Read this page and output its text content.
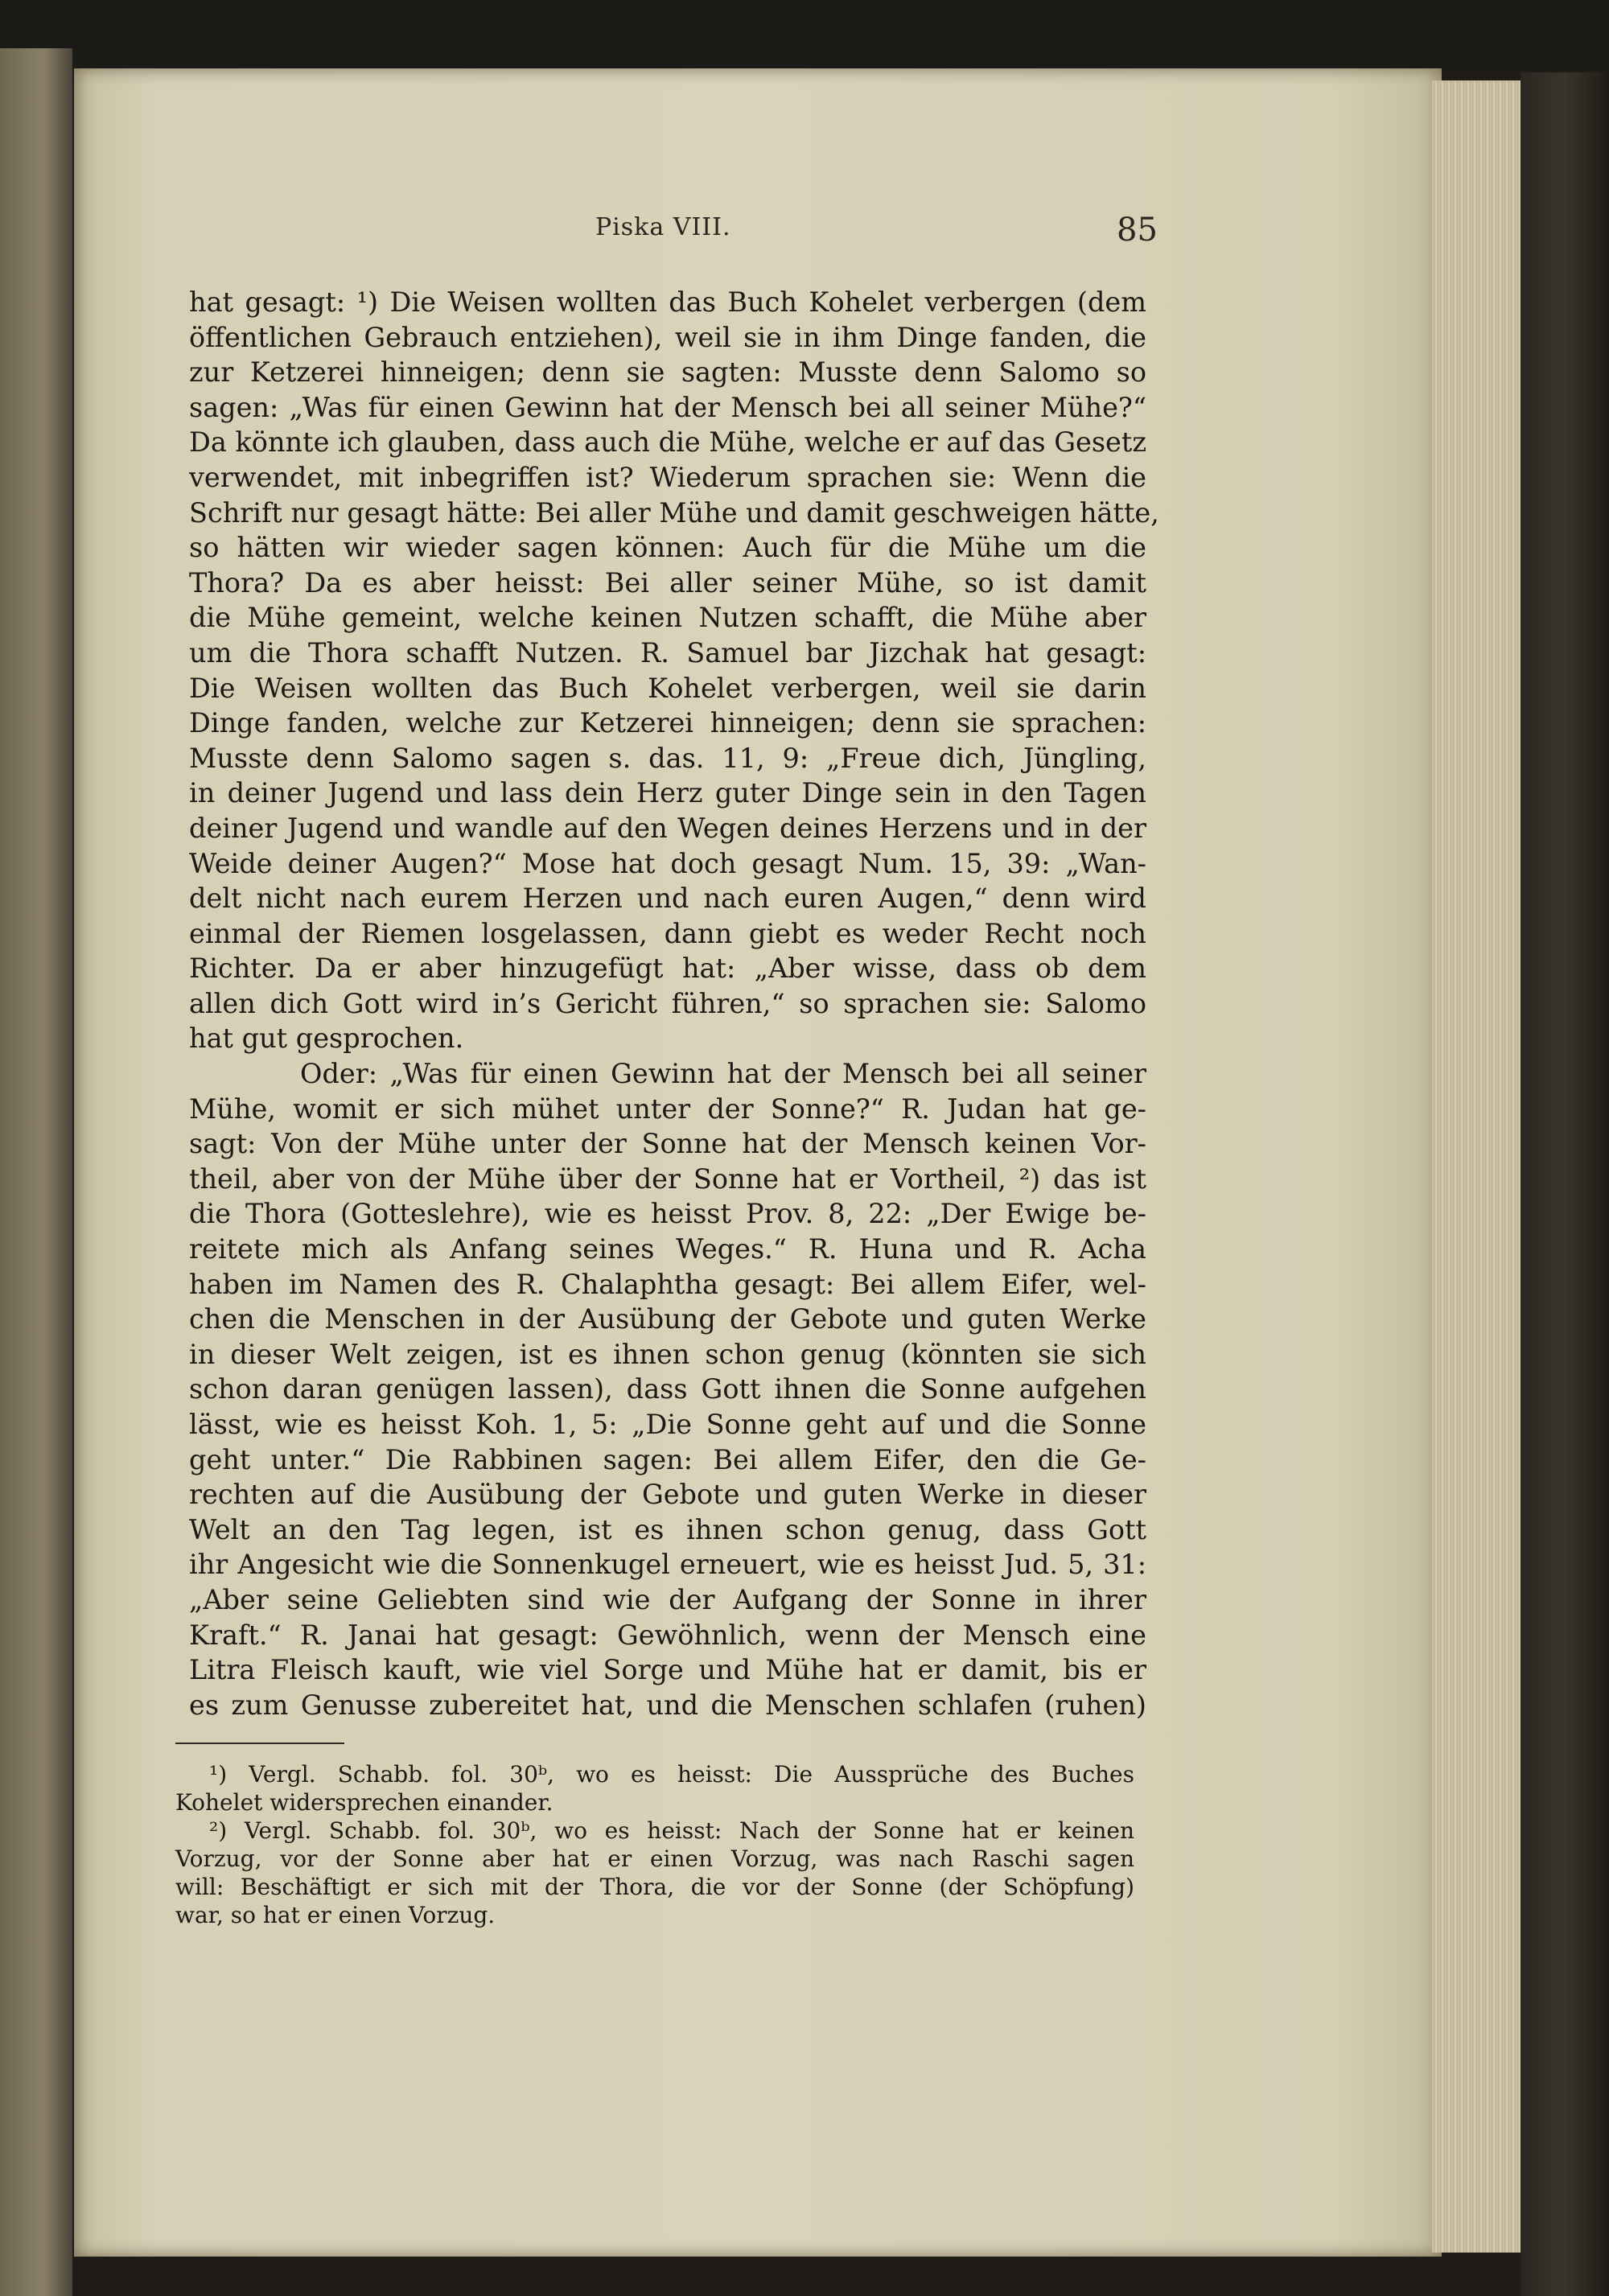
Piska VIII.	85
hat gesagt: ¹) Die Weisen wollten das Buch Kohelet verbergen (dem
öffentlichen Gebrauch entziehen), weil sie in ihm Dinge fanden, die
zur Ketzerei hinneigen; denn sie sagten: Musste denn Salomo so
sagen: „Was für einen Gewinn hat der Mensch bei all seiner Mühe?“
Da könnte ich glauben, dass auch die Mühe, welche er auf das Gesetz
verwendet, mit inbegriffen ist? Wiederum sprachen sie: Wenn die
Schrift nur gesagt hätte: Bei aller Mühe und damit geschweigen hätte,
so hätten wir wieder sagen können: Auch für die Mühe um die
Thora? Da es aber heisst: Bei aller seiner Mühe, so ist damit
die Mühe gemeint, welche keinen Nutzen schafft, die Mühe aber
um die Thora schafft Nutzen. R. Samuel bar Jizchak hat gesagt:
Die Weisen wollten das Buch Kohelet verbergen, weil sie darin
Dinge fanden, welche zur Ketzerei hinneigen; denn sie sprachen:
Musste denn Salomo sagen s. das. 11, 9: „Freue dich, Jüngling,
in deiner Jugend und lass dein Herz guter Dinge sein in den Tagen
deiner Jugend und wandle auf den Wegen deines Herzens und in der
Weide deiner Augen?“ Mose hat doch gesagt Num. 15, 39: „Wan-
delt nicht nach eurem Herzen und nach euren Augen,“ denn wird
einmal der Riemen losgelassen, dann giebt es weder Recht noch
Richter. Da er aber hinzugefügt hat: „Aber wisse, dass ob dem
allen dich Gott wird in’s Gericht führen,“ so sprachen sie: Salomo
hat gut gesprochen.
Oder: „Was für einen Gewinn hat der Mensch bei all seiner
Mühe, womit er sich mühet unter der Sonne?“ R. Judan hat ge-
sagt: Von der Mühe unter der Sonne hat der Mensch keinen Vor-
theil, aber von der Mühe über der Sonne hat er Vortheil, ²) das ist
die Thora (Gotteslehre), wie es heisst Prov. 8, 22: „Der Ewige be-
reitete mich als Anfang seines Weges.“ R. Huna und R. Acha
haben im Namen des R. Chalaphtha gesagt: Bei allem Eifer, wel-
chen die Menschen in der Ausübung der Gebote und guten Werke
in dieser Welt zeigen, ist es ihnen schon genug (könnten sie sich
schon daran genügen lassen), dass Gott ihnen die Sonne aufgehen
lässt, wie es heisst Koh. 1, 5: „Die Sonne geht auf und die Sonne
geht unter.“ Die Rabbinen sagen: Bei allem Eifer, den die Ge-
rechten auf die Ausübung der Gebote und guten Werke in dieser
Welt an den Tag legen, ist es ihnen schon genug, dass Gott
ihr Angesicht wie die Sonnenkugel erneuert, wie es heisst Jud. 5, 31:
„Aber seine Geliebten sind wie der Aufgang der Sonne in ihrer
Kraft.“ R. Janai hat gesagt: Gewöhnlich, wenn der Mensch eine
Litra Fleisch kauft, wie viel Sorge und Mühe hat er damit, bis er
es zum Genusse zubereitet hat, und die Menschen schlafen (ruhen)
¹) Vergl. Schabb. fol. 30ᵇ, wo es heisst: Die Aussprüche des Buches
Kohelet widersprechen einander.
²) Vergl. Schabb. fol. 30ᵇ, wo es heisst: Nach der Sonne hat er keinen
Vorzug, vor der Sonne aber hat er einen Vorzug, was nach Raschi sagen
will: Beschäftigt er sich mit der Thora, die vor der Sonne (der Schöpfung)
war, so hat er einen Vorzug.
